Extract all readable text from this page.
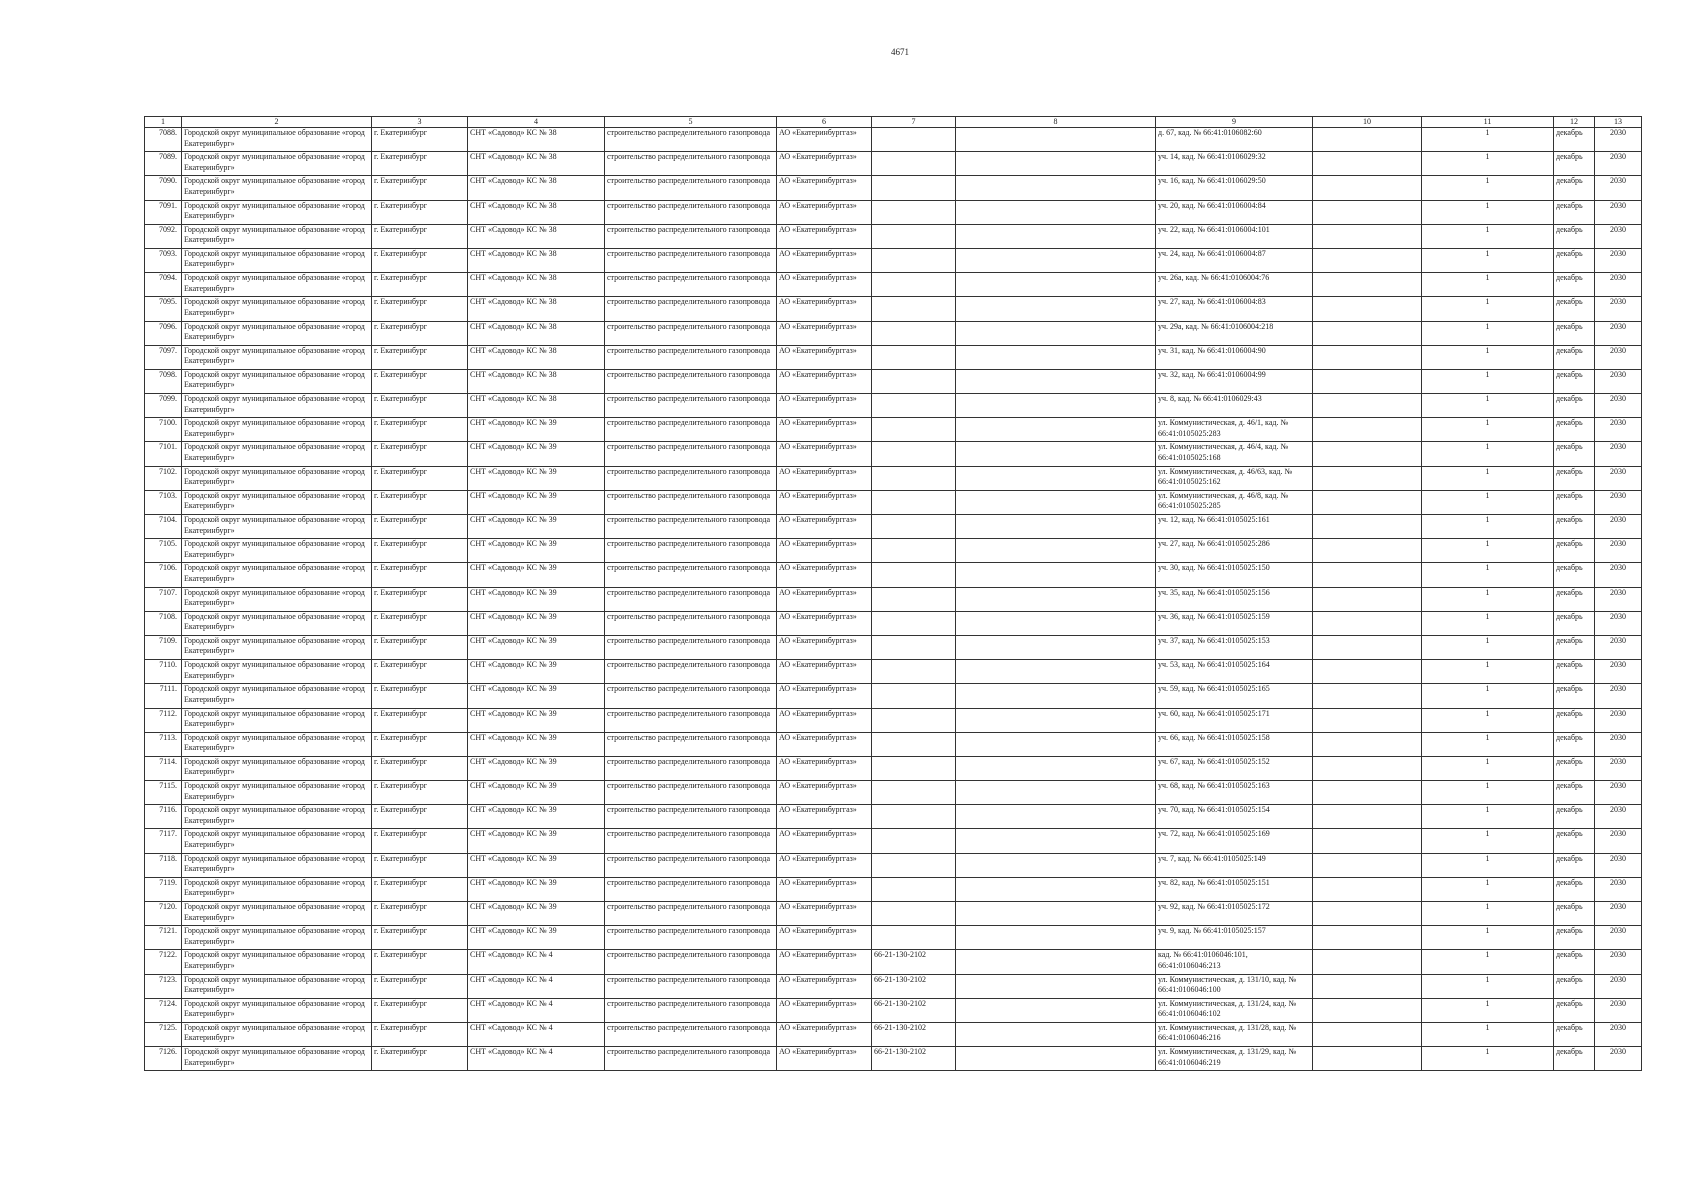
4671
1	2	3	4	5	6	7	8	9	10	11	12	13
7088.	Городской округ муниципальное образование «город Екатеринбург»	г. Екатеринбург	СНТ «Садовод» КС № 38	строительство распределительного газопровода	АО «Екатеринбурггаз»			д. 67, кад. № 66:41:0106082:60		1	декабрь	2030
7089.	Городской округ муниципальное образование «город Екатеринбург»	г. Екатеринбург	СНТ «Садовод» КС № 38	строительство распределительного газопровода	АО «Екатеринбурггаз»			уч. 14, кад. № 66:41:0106029:32		1	декабрь	2030
7090.	Городской округ муниципальное образование «город Екатеринбург»	г. Екатеринбург	СНТ «Садовод» КС № 38	строительство распределительного газопровода	АО «Екатеринбурггаз»			уч. 16, кад. № 66:41:0106029:50		1	декабрь	2030
7091.	Городской округ муниципальное образование «город Екатеринбург»	г. Екатеринбург	СНТ «Садовод» КС № 38	строительство распределительного газопровода	АО «Екатеринбурггаз»			уч. 20, кад. № 66:41:0106004:84		1	декабрь	2030
7092.	Городской округ муниципальное образование «город Екатеринбург»	г. Екатеринбург	СНТ «Садовод» КС № 38	строительство распределительного газопровода	АО «Екатеринбурггаз»			уч. 22, кад. № 66:41:0106004:101		1	декабрь	2030
7093.	Городской округ муниципальное образование «город Екатеринбург»	г. Екатеринбург	СНТ «Садовод» КС № 38	строительство распределительного газопровода	АО «Екатеринбурггаз»			уч. 24, кад. № 66:41:0106004:87		1	декабрь	2030
7094.	Городской округ муниципальное образование «город Екатеринбург»	г. Екатеринбург	СНТ «Садовод» КС № 38	строительство распределительного газопровода	АО «Екатеринбурггаз»			уч. 26а, кад. № 66:41:0106004:76		1	декабрь	2030
7095.	Городской округ муниципальное образование «город Екатеринбург»	г. Екатеринбург	СНТ «Садовод» КС № 38	строительство распределительного газопровода	АО «Екатеринбурггаз»			уч. 27, кад. № 66:41:0106004:83		1	декабрь	2030
7096.	Городской округ муниципальное образование «город Екатеринбург»	г. Екатеринбург	СНТ «Садовод» КС № 38	строительство распределительного газопровода	АО «Екатеринбурггаз»			уч. 29а, кад. № 66:41:0106004:218		1	декабрь	2030
7097.	Городской округ муниципальное образование «город Екатеринбург»	г. Екатеринбург	СНТ «Садовод» КС № 38	строительство распределительного газопровода	АО «Екатеринбурггаз»			уч. 31, кад. № 66:41:0106004:90		1	декабрь	2030
7098.	Городской округ муниципальное образование «город Екатеринбург»	г. Екатеринбург	СНТ «Садовод» КС № 38	строительство распределительного газопровода	АО «Екатеринбурггаз»			уч. 32, кад. № 66:41:0106004:99		1	декабрь	2030
7099.	Городской округ муниципальное образование «город Екатеринбург»	г. Екатеринбург	СНТ «Садовод» КС № 38	строительство распределительного газопровода	АО «Екатеринбурггаз»			уч. 8, кад. № 66:41:0106029:43		1	декабрь	2030
7100.	Городской округ муниципальное образование «город Екатеринбург»	г. Екатеринбург	СНТ «Садовод» КС № 39	строительство распределительного газопровода	АО «Екатеринбурггаз»			ул. Коммунистическая, д. 46/1, кад. № 66:41:0105025:283		1	декабрь	2030
7101.	Городской округ муниципальное образование «город Екатеринбург»	г. Екатеринбург	СНТ «Садовод» КС № 39	строительство распределительного газопровода	АО «Екатеринбурггаз»			ул. Коммунистическая, д. 46/4, кад. № 66:41:0105025:168		1	декабрь	2030
7102.	Городской округ муниципальное образование «город Екатеринбург»	г. Екатеринбург	СНТ «Садовод» КС № 39	строительство распределительного газопровода	АО «Екатеринбурггаз»			ул. Коммунистическая, д. 46/63, кад. № 66:41:0105025:162		1	декабрь	2030
7103.	Городской округ муниципальное образование «город Екатеринбург»	г. Екатеринбург	СНТ «Садовод» КС № 39	строительство распределительного газопровода	АО «Екатеринбурггаз»			ул. Коммунистическая, д. 46/8, кад. № 66:41:0105025:285		1	декабрь	2030
7104.	Городской округ муниципальное образование «город Екатеринбург»	г. Екатеринбург	СНТ «Садовод» КС № 39	строительство распределительного газопровода	АО «Екатеринбурггаз»			уч. 12, кад. № 66:41:0105025:161		1	декабрь	2030
7105.	Городской округ муниципальное образование «город Екатеринбург»	г. Екатеринбург	СНТ «Садовод» КС № 39	строительство распределительного газопровода	АО «Екатеринбурггаз»			уч. 27, кад. № 66:41:0105025:286		1	декабрь	2030
7106.	Городской округ муниципальное образование «город Екатеринбург»	г. Екатеринбург	СНТ «Садовод» КС № 39	строительство распределительного газопровода	АО «Екатеринбурггаз»			уч. 30, кад. № 66:41:0105025:150		1	декабрь	2030
7107.	Городской округ муниципальное образование «город Екатеринбург»	г. Екатеринбург	СНТ «Садовод» КС № 39	строительство распределительного газопровода	АО «Екатеринбурггаз»			уч. 35, кад. № 66:41:0105025:156		1	декабрь	2030
7108.	Городской округ муниципальное образование «город Екатеринбург»	г. Екатеринбург	СНТ «Садовод» КС № 39	строительство распределительного газопровода	АО «Екатеринбурггаз»			уч. 36, кад. № 66:41:0105025:159		1	декабрь	2030
7109.	Городской округ муниципальное образование «город Екатеринбург»	г. Екатеринбург	СНТ «Садовод» КС № 39	строительство распределительного газопровода	АО «Екатеринбурггаз»			уч. 37, кад. № 66:41:0105025:153		1	декабрь	2030
7110.	Городской округ муниципальное образование «город Екатеринбург»	г. Екатеринбург	СНТ «Садовод» КС № 39	строительство распределительного газопровода	АО «Екатеринбурггаз»			уч. 53, кад. № 66:41:0105025:164		1	декабрь	2030
7111.	Городской округ муниципальное образование «город Екатеринбург»	г. Екатеринбург	СНТ «Садовод» КС № 39	строительство распределительного газопровода	АО «Екатеринбурггаз»			уч. 59, кад. № 66:41:0105025:165		1	декабрь	2030
7112.	Городской округ муниципальное образование «город Екатеринбург»	г. Екатеринбург	СНТ «Садовод» КС № 39	строительство распределительного газопровода	АО «Екатеринбурггаз»			уч. 60, кад. № 66:41:0105025:171		1	декабрь	2030
7113.	Городской округ муниципальное образование «город Екатеринбург»	г. Екатеринбург	СНТ «Садовод» КС № 39	строительство распределительного газопровода	АО «Екатеринбурггаз»			уч. 66, кад. № 66:41:0105025:158		1	декабрь	2030
7114.	Городской округ муниципальное образование «город Екатеринбург»	г. Екатеринбург	СНТ «Садовод» КС № 39	строительство распределительного газопровода	АО «Екатеринбурггаз»			уч. 67, кад. № 66:41:0105025:152		1	декабрь	2030
7115.	Городской округ муниципальное образование «город Екатеринбург»	г. Екатеринбург	СНТ «Садовод» КС № 39	строительство распределительного газопровода	АО «Екатеринбурггаз»			уч. 68, кад. № 66:41:0105025:163		1	декабрь	2030
7116.	Городской округ муниципальное образование «город Екатеринбург»	г. Екатеринбург	СНТ «Садовод» КС № 39	строительство распределительного газопровода	АО «Екатеринбурггаз»			уч. 70, кад. № 66:41:0105025:154		1	декабрь	2030
7117.	Городской округ муниципальное образование «город Екатеринбург»	г. Екатеринбург	СНТ «Садовод» КС № 39	строительство распределительного газопровода	АО «Екатеринбурггаз»			уч. 72, кад. № 66:41:0105025:169		1	декабрь	2030
7118.	Городской округ муниципальное образование «город Екатеринбург»	г. Екатеринбург	СНТ «Садовод» КС № 39	строительство распределительного газопровода	АО «Екатеринбурггаз»			уч. 7, кад. № 66:41:0105025:149		1	декабрь	2030
7119.	Городской округ муниципальное образование «город Екатеринбург»	г. Екатеринбург	СНТ «Садовод» КС № 39	строительство распределительного газопровода	АО «Екатеринбурггаз»			уч. 82, кад. № 66:41:0105025:151		1	декабрь	2030
7120.	Городской округ муниципальное образование «город Екатеринбург»	г. Екатеринбург	СНТ «Садовод» КС № 39	строительство распределительного газопровода	АО «Екатеринбурггаз»			уч. 92, кад. № 66:41:0105025:172		1	декабрь	2030
7121.	Городской округ муниципальное образование «город Екатеринбург»	г. Екатеринбург	СНТ «Садовод» КС № 39	строительство распределительного газопровода	АО «Екатеринбурггаз»			уч. 9, кад. № 66:41:0105025:157		1	декабрь	2030
7122.	Городской округ муниципальное образование «город Екатеринбург»	г. Екатеринбург	СНТ «Садовод» КС № 4	строительство распределительного газопровода	АО «Екатеринбурггаз»	66-21-130-2102		кад. № 66:41:0106046:101, 66:41:0106046:213		1	декабрь	2030
7123.	Городской округ муниципальное образование «город Екатеринбург»	г. Екатеринбург	СНТ «Садовод» КС № 4	строительство распределительного газопровода	АО «Екатеринбурггаз»	66-21-130-2102		ул. Коммунистическая, д. 131/10, кад. № 66:41:0106046:100		1	декабрь	2030
7124.	Городской округ муниципальное образование «город Екатеринбург»	г. Екатеринбург	СНТ «Садовод» КС № 4	строительство распределительного газопровода	АО «Екатеринбурггаз»	66-21-130-2102		ул. Коммунистическая, д. 131/24, кад. № 66:41:0106046:102		1	декабрь	2030
7125.	Городской округ муниципальное образование «город Екатеринбург»	г. Екатеринбург	СНТ «Садовод» КС № 4	строительство распределительного газопровода	АО «Екатеринбурггаз»	66-21-130-2102		ул. Коммунистическая, д. 131/28, кад. № 66:41:0106046:216		1	декабрь	2030
7126.	Городской округ муниципальное образование «город Екатеринбург»	г. Екатеринбург	СНТ «Садовод» КС № 4	строительство распределительного газопровода	АО «Екатеринбурггаз»	66-21-130-2102		ул. Коммунистическая, д. 131/29, кад. № 66:41:0106046:219		1	декабрь	2030
